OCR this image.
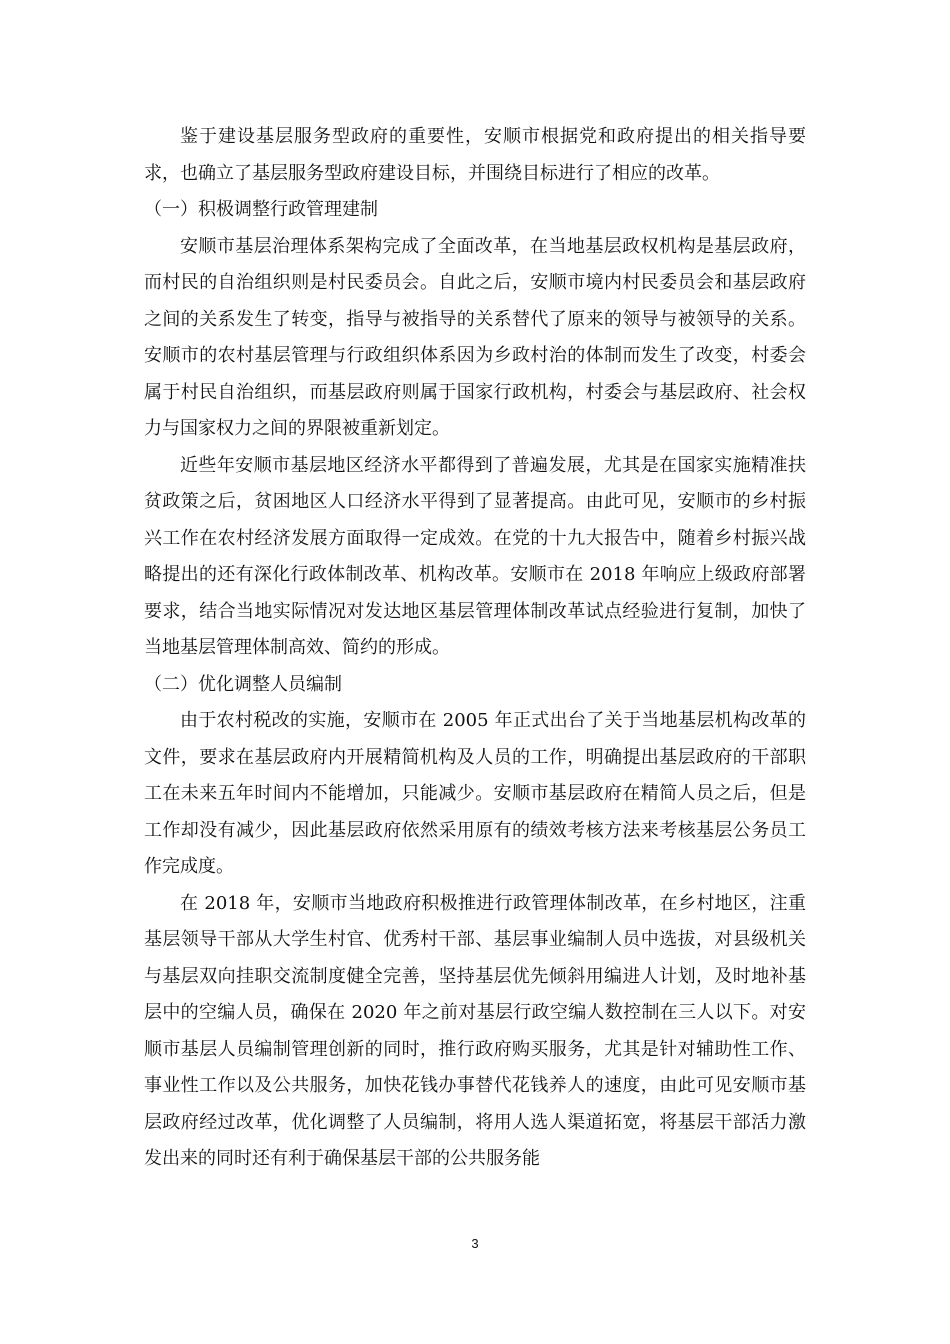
鉴于建设基层服务型政府的重要性，安顺市根据党和政府提出的相关指导要求，也确立了基层服务型政府建设目标，并围绕目标进行了相应的改革。

（一）积极调整行政管理建制

安顺市基层治理体系架构完成了全面改革，在当地基层政权机构是基层政府，而村民的自治组织则是村民委员会。自此之后，安顺市境内村民委员会和基层政府之间的关系发生了转变，指导与被指导的关系替代了原来的领导与被领导的关系。安顺市的农村基层管理与行政组织体系因为乡政村治的体制而发生了改变，村委会属于村民自治组织，而基层政府则属于国家行政机构，村委会与基层政府、社会权力与国家权力之间的界限被重新划定。

近些年安顺市基层地区经济水平都得到了普遍发展，尤其是在国家实施精准扶贫政策之后，贫困地区人口经济水平得到了显著提高。由此可见，安顺市的乡村振兴工作在农村经济发展方面取得一定成效。在党的十九大报告中，随着乡村振兴战略提出的还有深化行政体制改革、机构改革。安顺市在 2018 年响应上级政府部署要求，结合当地实际情况对发达地区基层管理体制改革试点经验进行复制，加快了当地基层管理体制高效、简约的形成。

（二）优化调整人员编制

由于农村税改的实施，安顺市在 2005 年正式出台了关于当地基层机构改革的文件，要求在基层政府内开展精简机构及人员的工作，明确提出基层政府的干部职工在未来五年时间内不能增加，只能减少。安顺市基层政府在精简人员之后，但是工作却没有减少，因此基层政府依然采用原有的绩效考核方法来考核基层公务员工作完成度。

在 2018 年，安顺市当地政府积极推进行政管理体制改革，在乡村地区，注重基层领导干部从大学生村官、优秀村干部、基层事业编制人员中选拔，对县级机关与基层双向挂职交流制度健全完善，坚持基层优先倾斜用编进人计划，及时地补基层中的空编人员，确保在 2020 年之前对基层行政空编人数控制在三人以下。对安顺市基层人员编制管理创新的同时，推行政府购买服务，尤其是针对辅助性工作、事业性工作以及公共服务，加快花钱办事替代花钱养人的速度，由此可见安顺市基层政府经过改革，优化调整了人员编制，将用人选人渠道拓宽，将基层干部活力激发出来的同时还有利于确保基层干部的公共服务能

3
